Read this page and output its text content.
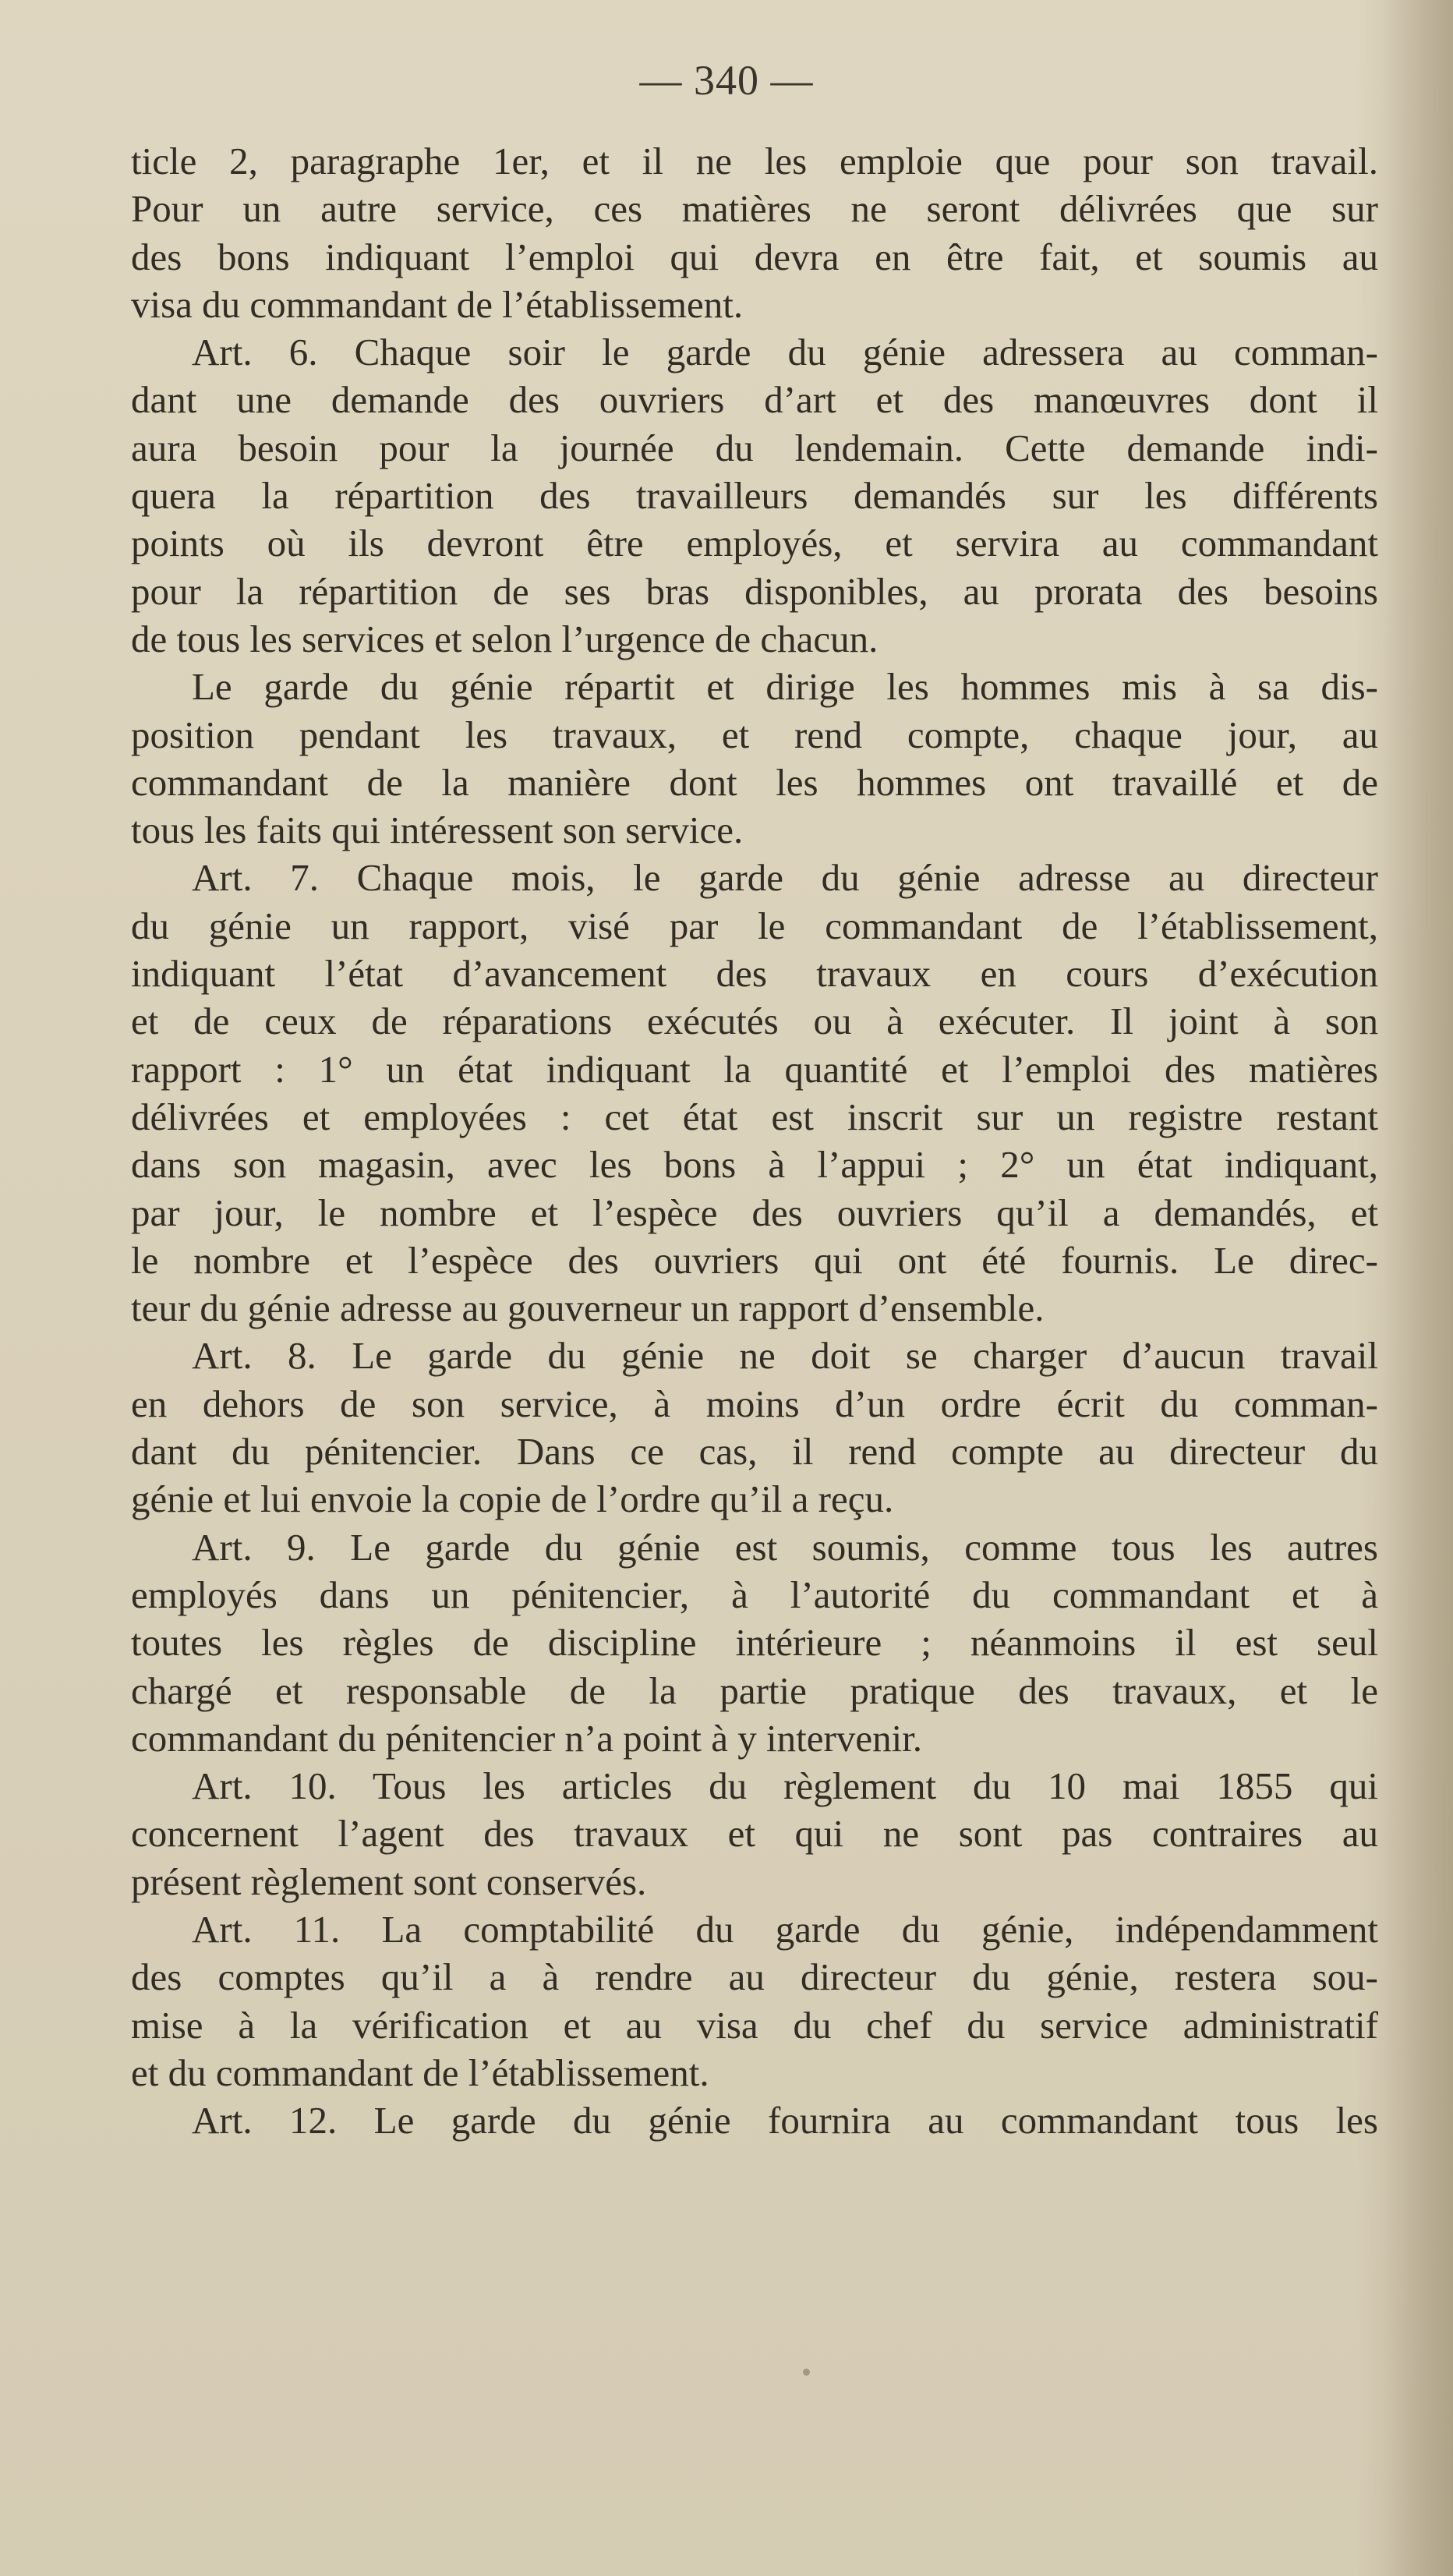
— 340 —
ticle 2, paragraphe 1er, et il ne les emploie que pour son travail.
Pour un autre service, ces matières ne seront délivrées que sur
des bons indiquant l’emploi qui devra en être fait, et soumis au
visa du commandant de l’établissement.
Art. 6. Chaque soir le garde du génie adressera au comman-
dant une demande des ouvriers d’art et des manœuvres dont il
aura besoin pour la journée du lendemain. Cette demande indi-
quera la répartition des travailleurs demandés sur les différents
points où ils devront être employés, et servira au commandant
pour la répartition de ses bras disponibles, au prorata des besoins
de tous les services et selon l’urgence de chacun.
Le garde du génie répartit et dirige les hommes mis à sa dis-
position pendant les travaux, et rend compte, chaque jour, au
commandant de la manière dont les hommes ont travaillé et de
tous les faits qui intéressent son service.
Art. 7. Chaque mois, le garde du génie adresse au directeur
du génie un rapport, visé par le commandant de l’établissement,
indiquant l’état d’avancement des travaux en cours d’exécution
et de ceux de réparations exécutés ou à exécuter. Il joint à son
rapport : 1° un état indiquant la quantité et l’emploi des matières
délivrées et employées : cet état est inscrit sur un registre restant
dans son magasin, avec les bons à l’appui ; 2° un état indiquant,
par jour, le nombre et l’espèce des ouvriers qu’il a demandés, et
le nombre et l’espèce des ouvriers qui ont été fournis. Le direc-
teur du génie adresse au gouverneur un rapport d’ensemble.
Art. 8. Le garde du génie ne doit se charger d’aucun travail
en dehors de son service, à moins d’un ordre écrit du comman-
dant du pénitencier. Dans ce cas, il rend compte au directeur du
génie et lui envoie la copie de l’ordre qu’il a reçu.
Art. 9. Le garde du génie est soumis, comme tous les autres
employés dans un pénitencier, à l’autorité du commandant et à
toutes les règles de discipline intérieure ; néanmoins il est seul
chargé et responsable de la partie pratique des travaux, et le
commandant du pénitencier n’a point à y intervenir.
Art. 10. Tous les articles du règlement du 10 mai 1855 qui
concernent l’agent des travaux et qui ne sont pas contraires au
présent règlement sont conservés.
Art. 11. La comptabilité du garde du génie, indépendamment
des comptes qu’il a à rendre au directeur du génie, restera sou-
mise à la vérification et au visa du chef du service administratif
et du commandant de l’établissement.
Art. 12. Le garde du génie fournira au commandant tous les
